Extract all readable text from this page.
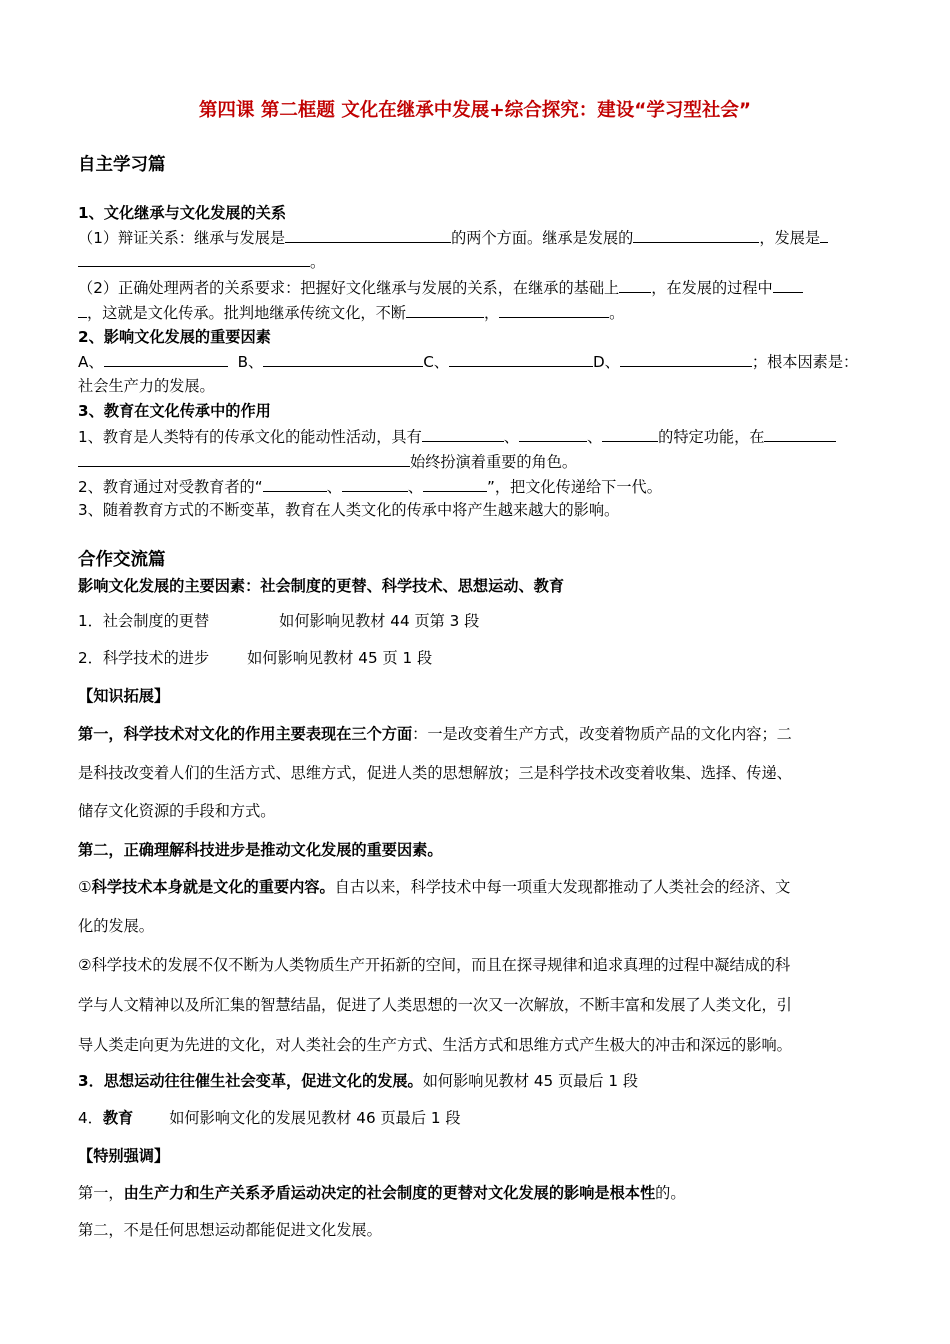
第四课 第二框题 文化在继承中发展+综合探究：建设“学习型社会”
自主学习篇
1、文化继承与文化发展的关系
（1）辩证关系：继承与发展是	的两个方面。继承是发展的	，发展是
。
（2）正确处理两者的关系要求：把握好文化继承与发展的关系，在继承的基础上 ，在发展的过程中
，这就是文化传承。批判地继承传统文化，不断	，	。
2、影响文化发展的重要因素
A、	B、	C、	D、	；根本因素是：
社会生产力的发展。
3、教育在文化传承中的作用
1、教育是人类特有的传承文化的能动性活动，具有	、	、	的特定功能，在
始终扮演着重要的角色。
2、教育通过对受教育者的“	、	、	”，把文化传递给下一代。
3、随着教育方式的不断变革，教育在人类文化的传承中将产生越来越大的影响。
合作交流篇
影响文化发展的主要因素：社会制度的更替、科学技术、思想运动、教育
1．社会制度的更替	如何影响见教材 44 页第 3 段
2．科学技术的进步	如何影响见教材 45 页 1 段
【知识拓展】
第一，科学技术对文化的作用主要表现在三个方面：一是改变着生产方式，改变着物质产品的文化内容；二
是科技改变着人们的生活方式、思维方式，促进人类的思想解放；三是科学技术改变着收集、选择、传递、
储存文化资源的手段和方式。
第二，正确理解科技进步是推动文化发展的重要因素。
①科学技术本身就是文化的重要内容。自古以来，科学技术中每一项重大发现都推动了人类社会的经济、文
化的发展。
②科学技术的发展不仅不断为人类物质生产开拓新的空间，而且在探寻规律和追求真理的过程中凝结成的科
学与人文精神以及所汇集的智慧结晶，促进了人类思想的一次又一次解放，不断丰富和发展了人类文化，引
导人类走向更为先进的文化，对人类社会的生产方式、生活方式和思维方式产生极大的冲击和深远的影响。
3．思想运动往往催生社会变革，促进文化的发展。如何影响见教材 45 页最后 1 段
4．教育 如何影响文化的发展见教材 46 页最后 1 段
【特别强调】
第一，由生产力和生产关系矛盾运动决定的社会制度的更替对文化发展的影响是根本性的。
第二，不是任何思想运动都能促进文化发展。
